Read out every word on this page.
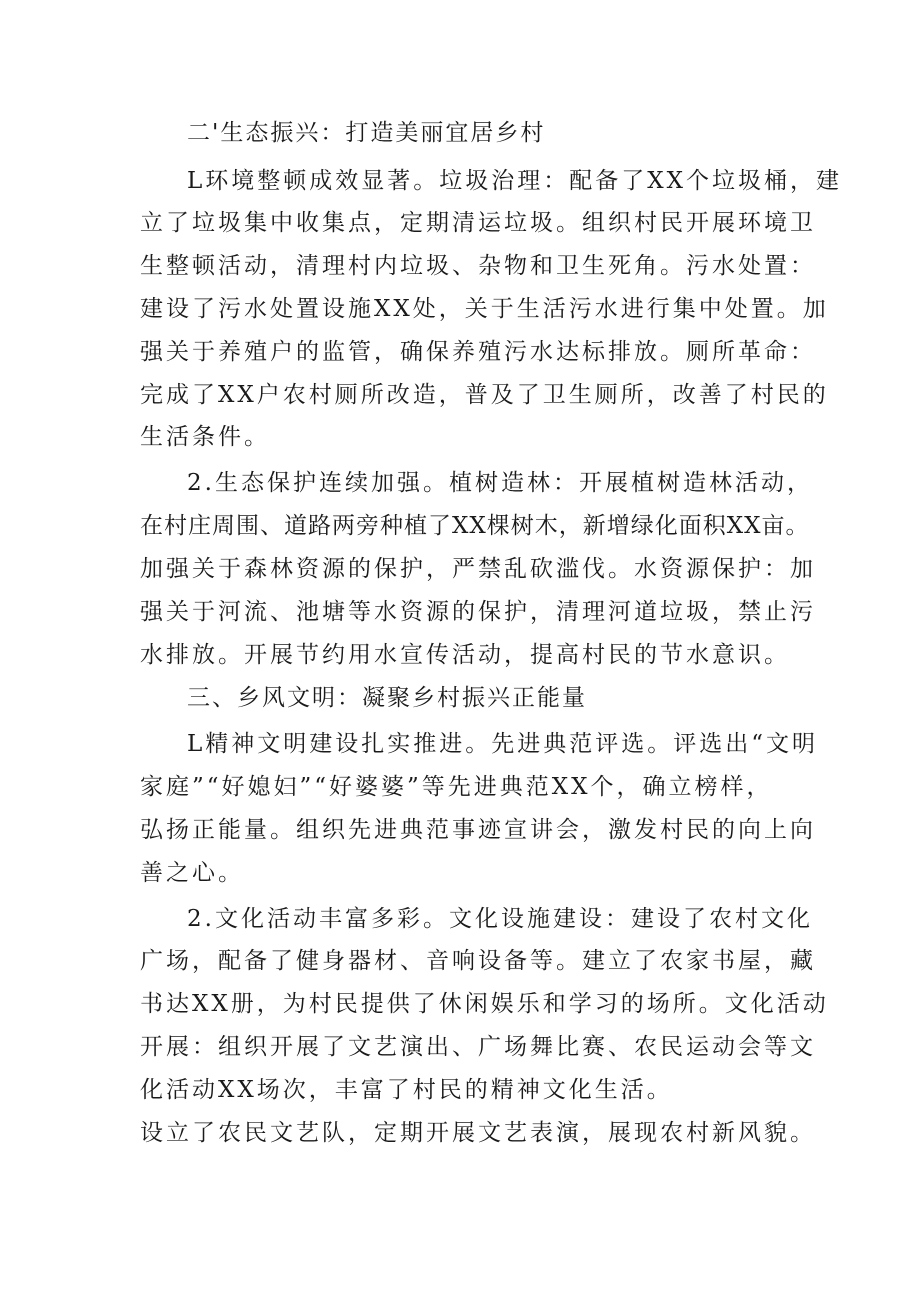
二'生态振兴：打造美丽宜居乡村
L环境整顿成效显著。垃圾治理：配备了XX个垃圾桶，建
立了垃圾集中收集点，定期清运垃圾。组织村民开展环境卫
生整顿活动，清理村内垃圾、杂物和卫生死角。污水处置：
建设了污水处置设施XX处，关于生活污水进行集中处置。加
强关于养殖户的监管，确保养殖污水达标排放。厕所革命：
完成了XX户农村厕所改造，普及了卫生厕所，改善了村民的
生活条件。
2.生态保护连续加强。植树造林：开展植树造林活动，
在村庄周围、道路两旁种植了XX棵树木，新增绿化面积XX亩。
加强关于森林资源的保护，严禁乱砍滥伐。水资源保护：加
强关于河流、池塘等水资源的保护，清理河道垃圾，禁止污
水排放。开展节约用水宣传活动，提高村民的节水意识。
三、乡风文明：凝聚乡村振兴正能量
L精神文明建设扎实推进。先进典范评选。评选出“文明
家庭”“好媳妇”“好婆婆”等先进典范XX个，确立榜样，
弘扬正能量。组织先进典范事迹宣讲会，激发村民的向上向
善之心。
2.文化活动丰富多彩。文化设施建设：建设了农村文化
广场，配备了健身器材、音响设备等。建立了农家书屋，藏
书达XX册，为村民提供了休闲娱乐和学习的场所。文化活动
开展：组织开展了文艺演出、广场舞比赛、农民运动会等文
化活动XX场次，丰富了村民的精神文化生活。
设立了农民文艺队，定期开展文艺表演，展现农村新风貌。
